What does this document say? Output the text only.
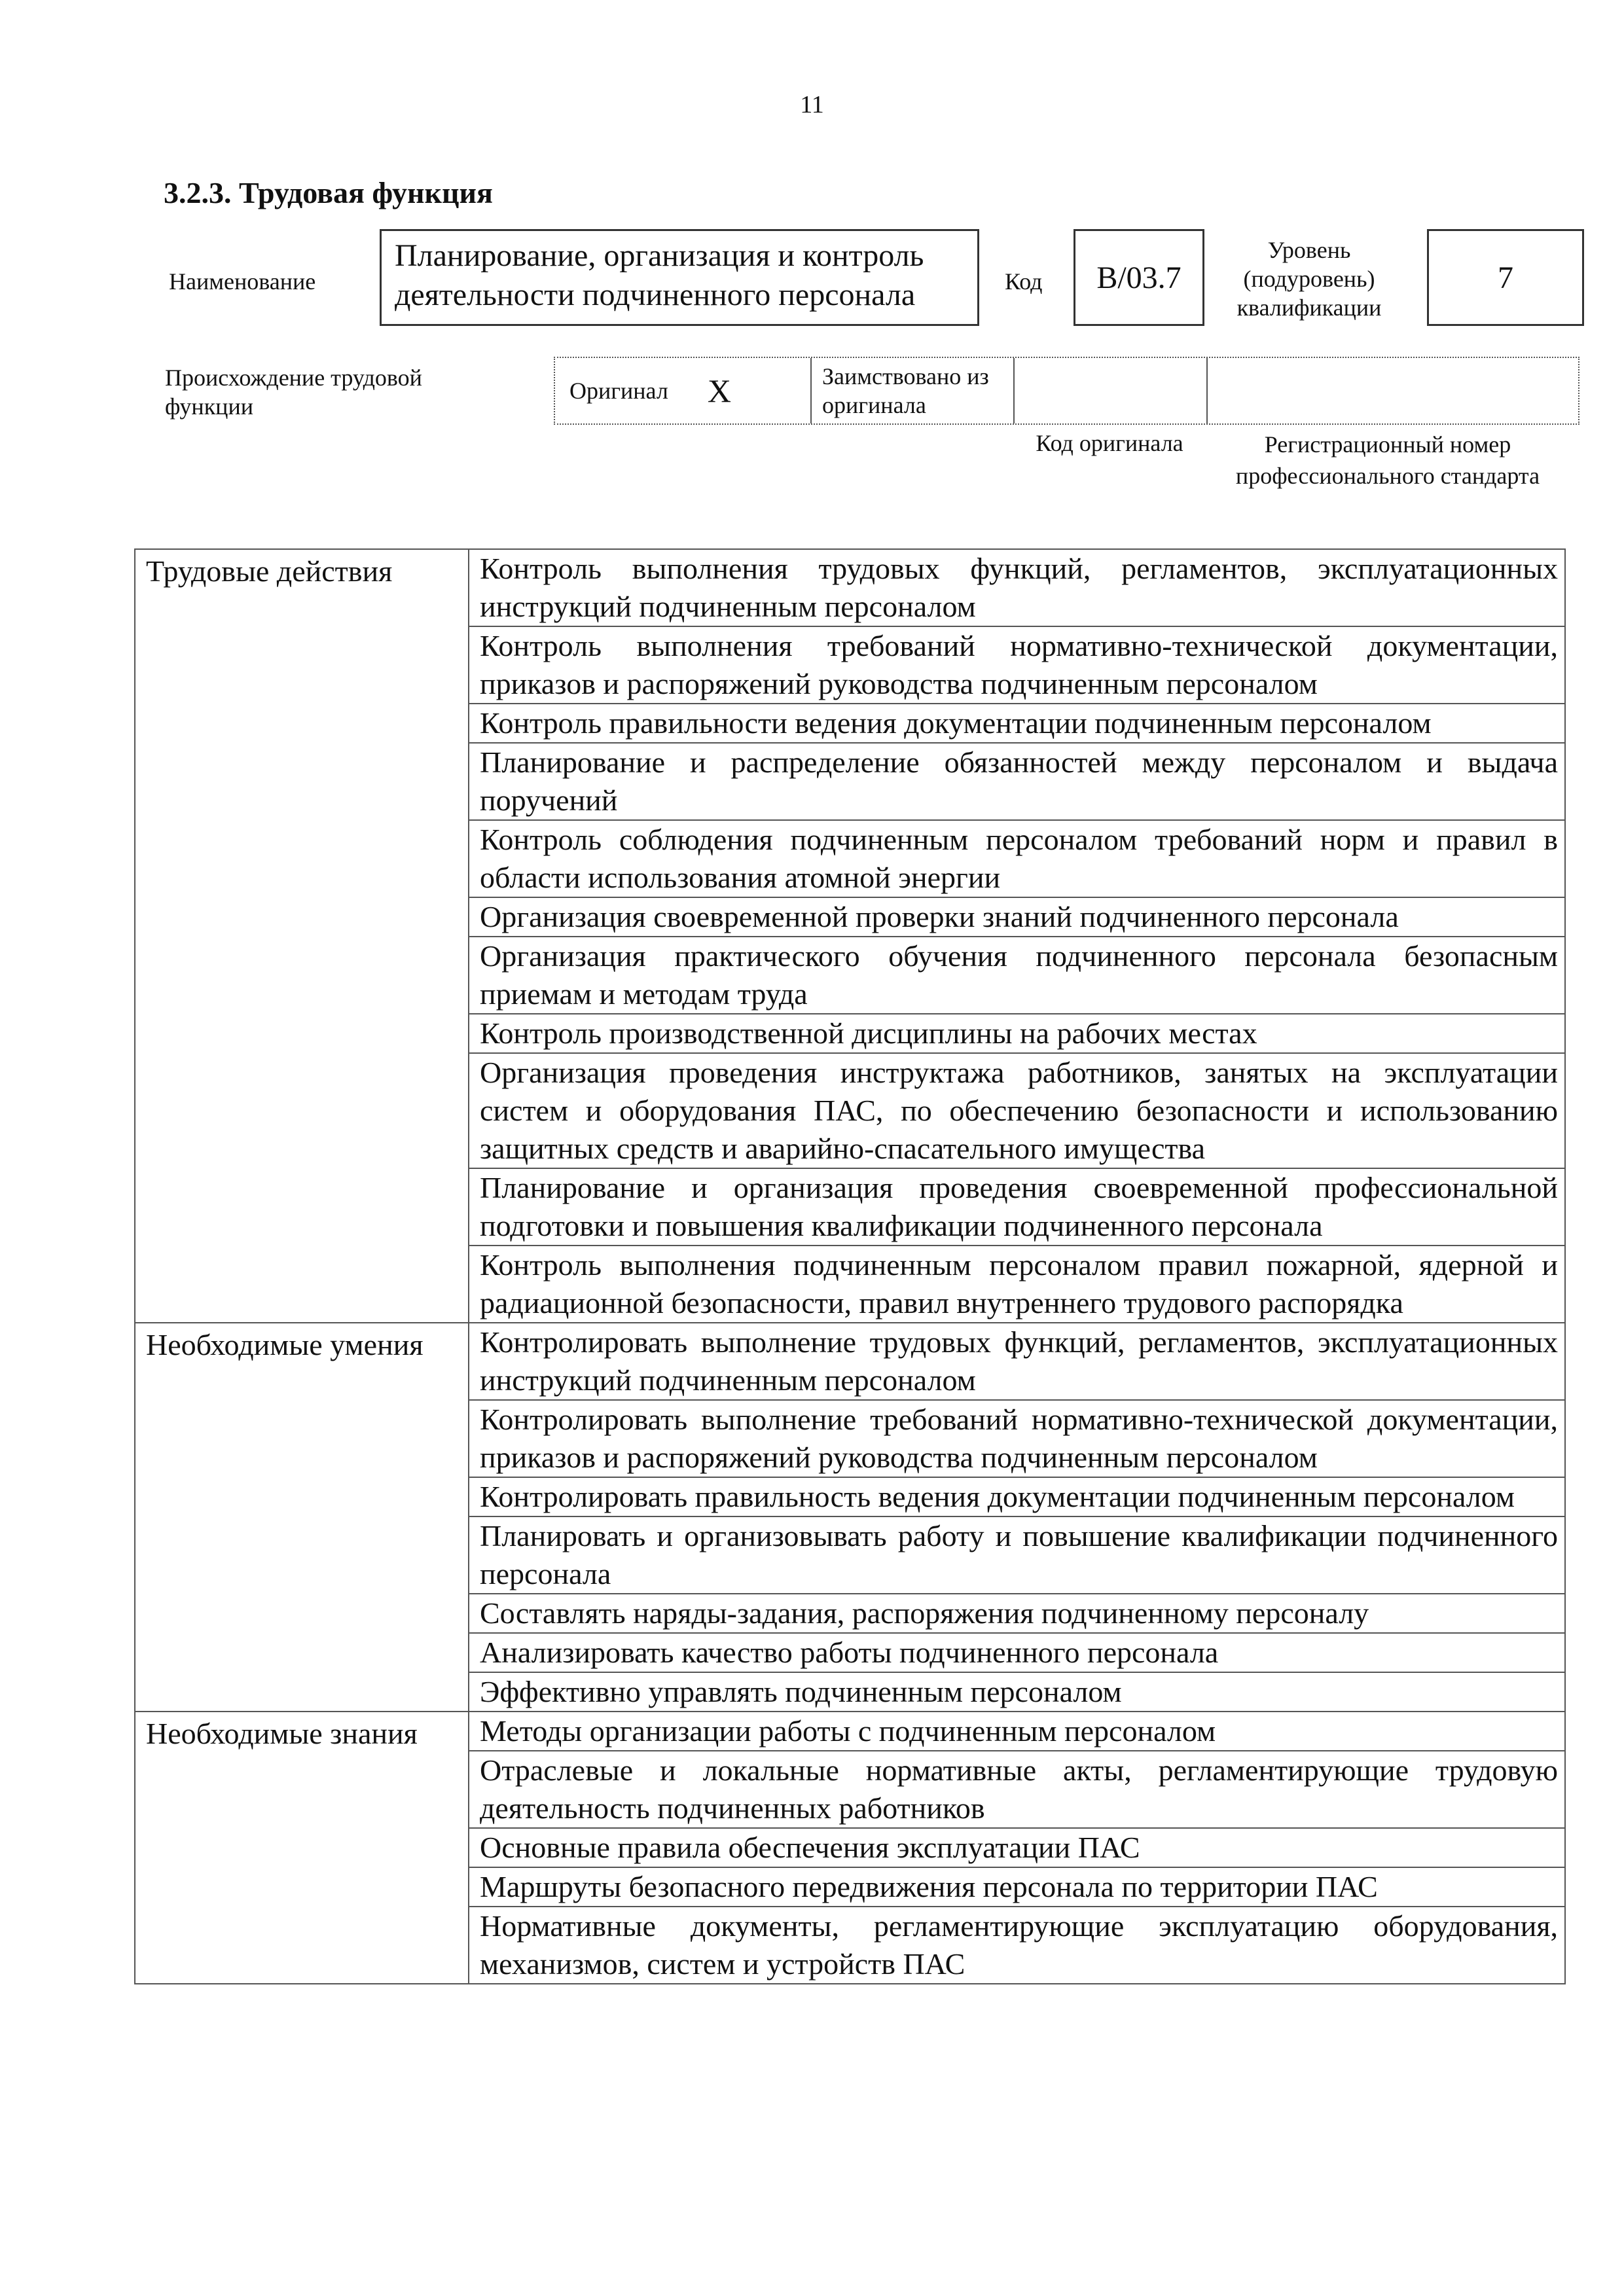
11
3.2.3. Трудовая функция
Наименование
Планирование, организация и контроль деятельности подчиненного персонала	Код	B/03.7
Уровень (подуровень) квалификации
7
Происхождение трудовой функции
Оригинал X	Заимствовано из оригинала
Код оригинала	Регистрационный номер профессионального стандарта
Трудовые действия	Контроль выполнения трудовых функций, регламентов, эксплуатационных инструкций подчиненным персоналом
	Контроль выполнения требований нормативно-технической документации, приказов и распоряжений руководства подчиненным персоналом
	Контроль правильности ведения документации подчиненным персоналом
	Планирование и распределение обязанностей между персоналом и выдача поручений
	Контроль соблюдения подчиненным персоналом требований норм и правил в области использования атомной энергии
	Организация своевременной проверки знаний подчиненного персонала
	Организация практического обучения подчиненного персонала безопасным приемам и методам труда
	Контроль производственной дисциплины на рабочих местах
	Организация проведения инструктажа работников, занятых на эксплуатации систем и оборудования ПАС, по обеспечению безопасности и использованию защитных средств и аварийно-спасательного имущества
	Планирование и организация проведения своевременной профессиональной подготовки и повышения квалификации подчиненного персонала
	Контроль выполнения подчиненным персоналом правил пожарной, ядерной и радиационной безопасности, правил внутреннего трудового распорядка
Необходимые умения	Контролировать выполнение трудовых функций, регламентов, эксплуатационных инструкций подчиненным персоналом
	Контролировать выполнение требований нормативно-технической документации, приказов и распоряжений руководства подчиненным персоналом
	Контролировать правильность ведения документации подчиненным персоналом
	Планировать и организовывать работу и повышение квалификации подчиненного персонала
	Составлять наряды-задания, распоряжения подчиненному персоналу
	Анализировать качество работы подчиненного персонала
	Эффективно управлять подчиненным персоналом
Необходимые знания	Методы организации работы с подчиненным персоналом
	Отраслевые и локальные нормативные акты, регламентирующие трудовую деятельность подчиненных работников
	Основные правила обеспечения эксплуатации ПАС
	Маршруты безопасного передвижения персонала по территории ПАС
	Нормативные документы, регламентирующие эксплуатацию оборудования, механизмов, систем и устройств ПАС
